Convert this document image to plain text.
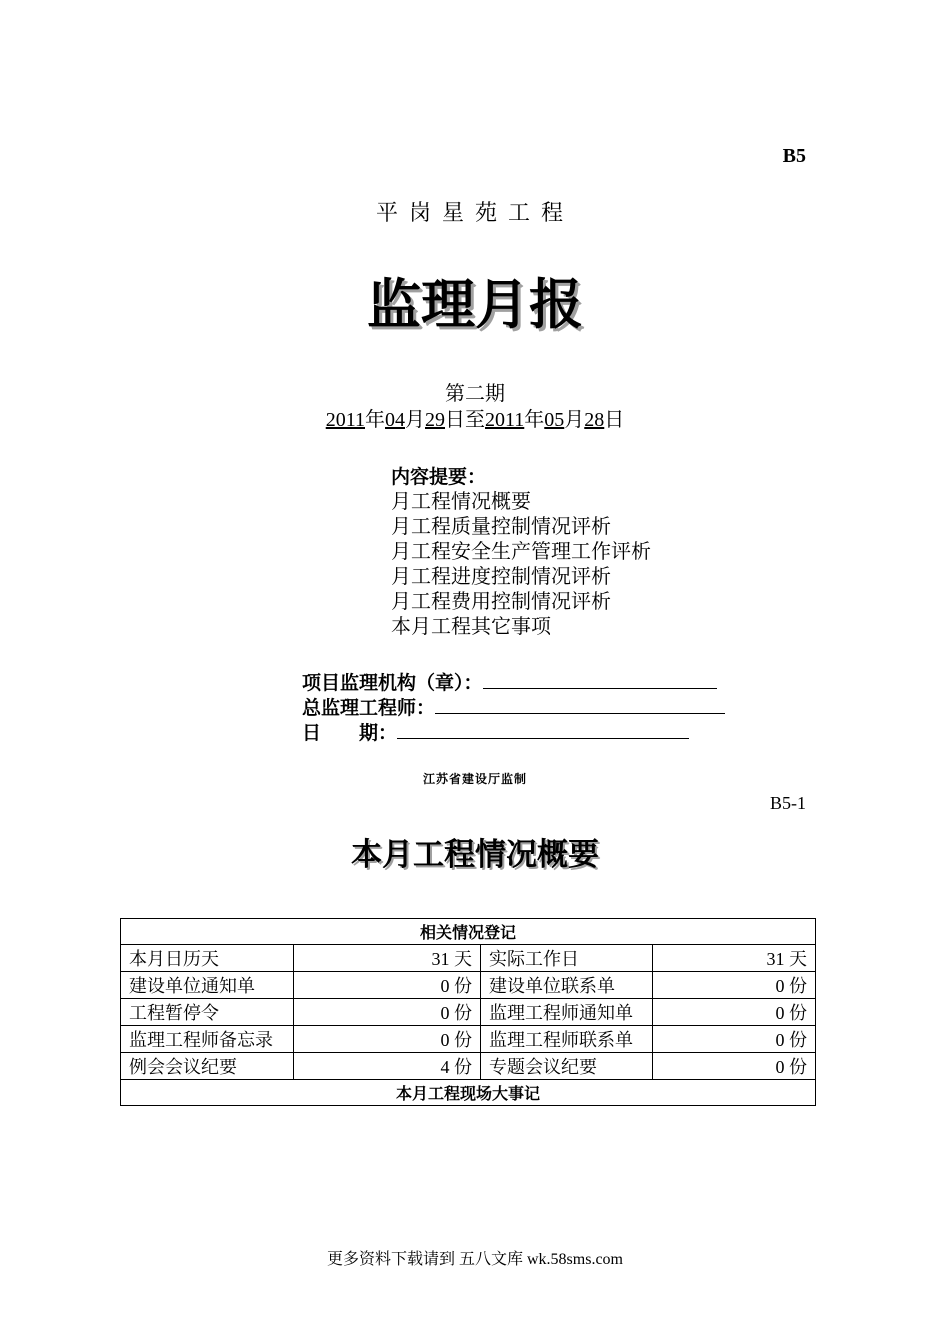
B5
平岗星苑工程
监理月报
第二期
2011年04月29日至2011年05月28日
内容提要：
月工程情况概要
月工程质量控制情况评析
月工程安全生产管理工作评析
月工程进度控制情况评析
月工程费用控制情况评析
本月工程其它事项
项目监理机构（章）：
总监理工程师：
日　　期：
江苏省建设厅监制
B5-1
本月工程情况概要
相关情况登记			
本月日历天	31 天	实际工作日	31 天
建设单位通知单	0 份	建设单位联系单	0 份
工程暂停令	0 份	监理工程师通知单	0 份
监理工程师备忘录	0 份	监理工程师联系单	0 份
例会会议纪要	4 份	专题会议纪要	0 份
本月工程现场大事记			
更多资料下载请到 五八文库 wk.58sms.com
